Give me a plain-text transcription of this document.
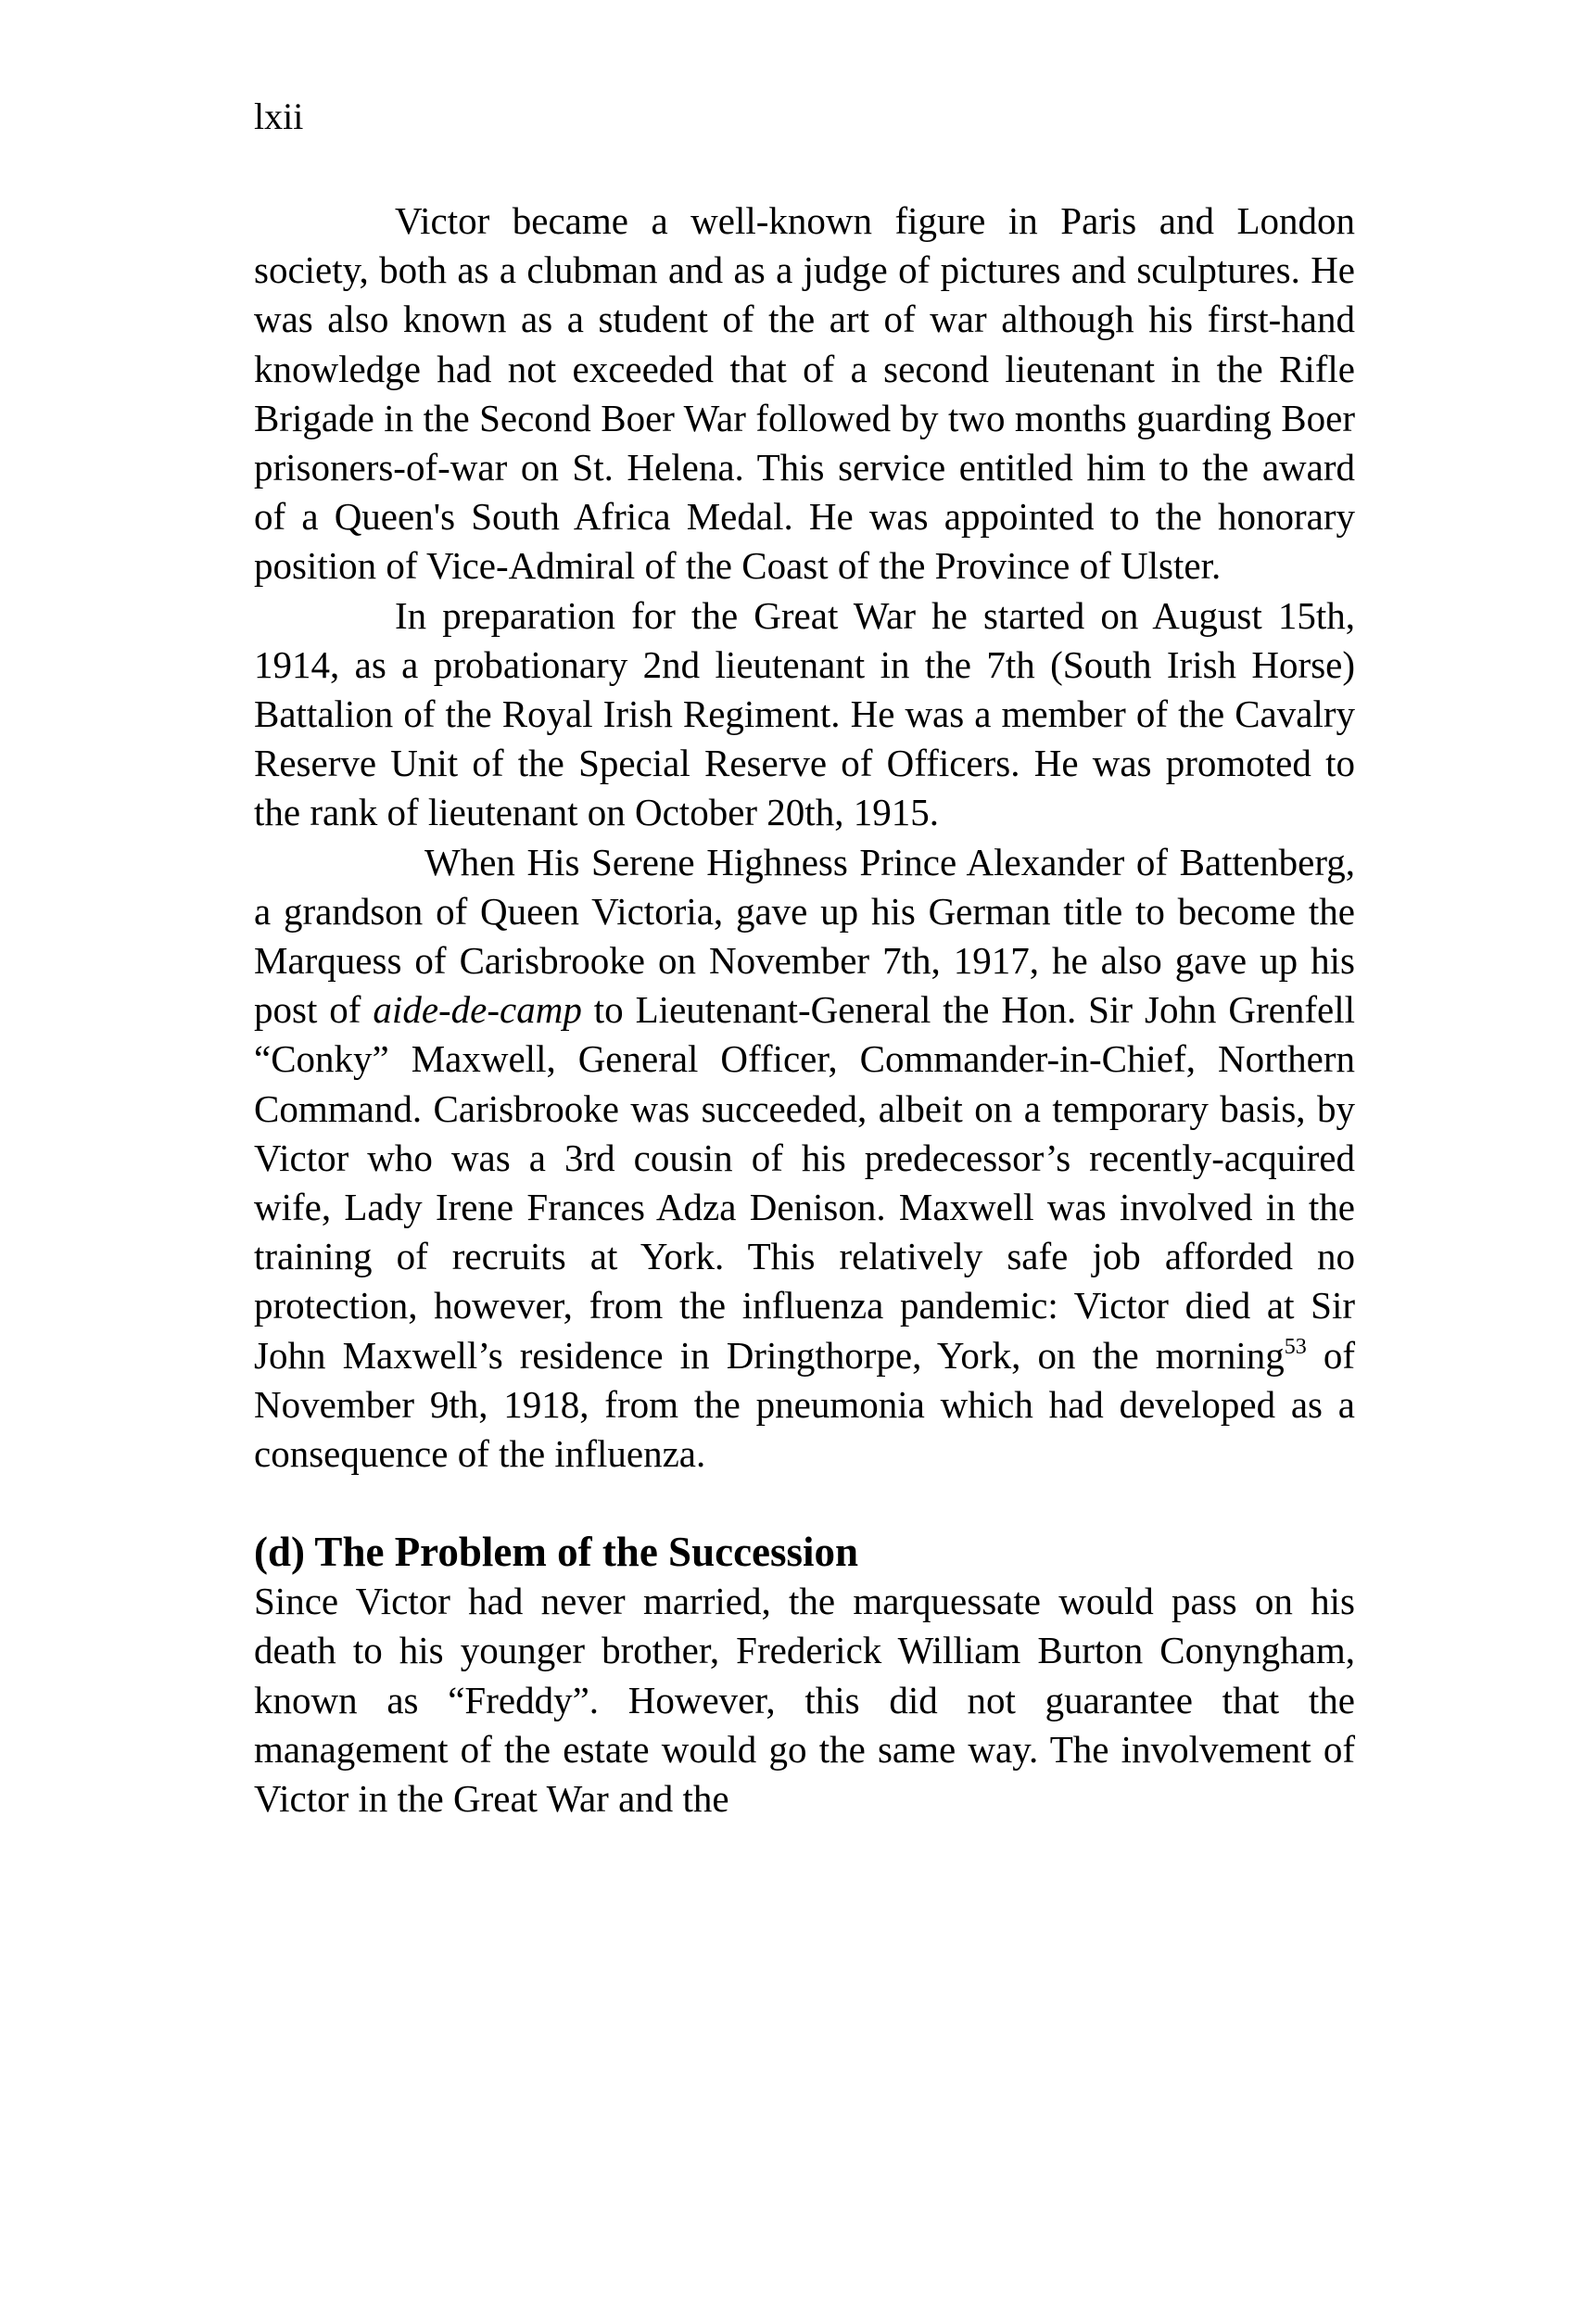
lxii

Victor became a well-known figure in Paris and London society, both as a clubman and as a judge of pictures and sculptures. He was also known as a student of the art of war although his first-hand knowledge had not exceeded that of a second lieutenant in the Rifle Brigade in the Second Boer War followed by two months guarding Boer prisoners-of-war on St. Helena. This service entitled him to the award of a Queen's South Africa Medal. He was appointed to the honorary position of Vice-Admiral of the Coast of the Province of Ulster.

In preparation for the Great War he started on August 15th, 1914, as a probationary 2nd lieutenant in the 7th (South Irish Horse) Battalion of the Royal Irish Regiment. He was a member of the Cavalry Reserve Unit of the Special Reserve of Officers. He was promoted to the rank of lieutenant on October 20th, 1915.

When His Serene Highness Prince Alexander of Battenberg, a grandson of Queen Victoria, gave up his German title to become the Marquess of Carisbrooke on November 7th, 1917, he also gave up his post of aide-de-camp to Lieutenant-General the Hon. Sir John Grenfell “Conky” Maxwell, General Officer, Commander-in-Chief, Northern Command. Carisbrooke was succeeded, albeit on a temporary basis, by Victor who was a 3rd cousin of his predecessor’s recently-acquired wife, Lady Irene Frances Adza Denison. Maxwell was involved in the training of recruits at York. This relatively safe job afforded no protection, however, from the influenza pandemic: Victor died at Sir John Maxwell’s residence in Dringthorpe, York, on the morning$^{53}$ of November 9th, 1918, from the pneumonia which had developed as a consequence of the influenza.

(d) The Problem of the Succession

Since Victor had never married, the marquessate would pass on his death to his younger brother, Frederick William Burton Conyngham, known as “Freddy”. However, this did not guarantee that the management of the estate would go the same way. The involvement of Victor in the Great War and the
